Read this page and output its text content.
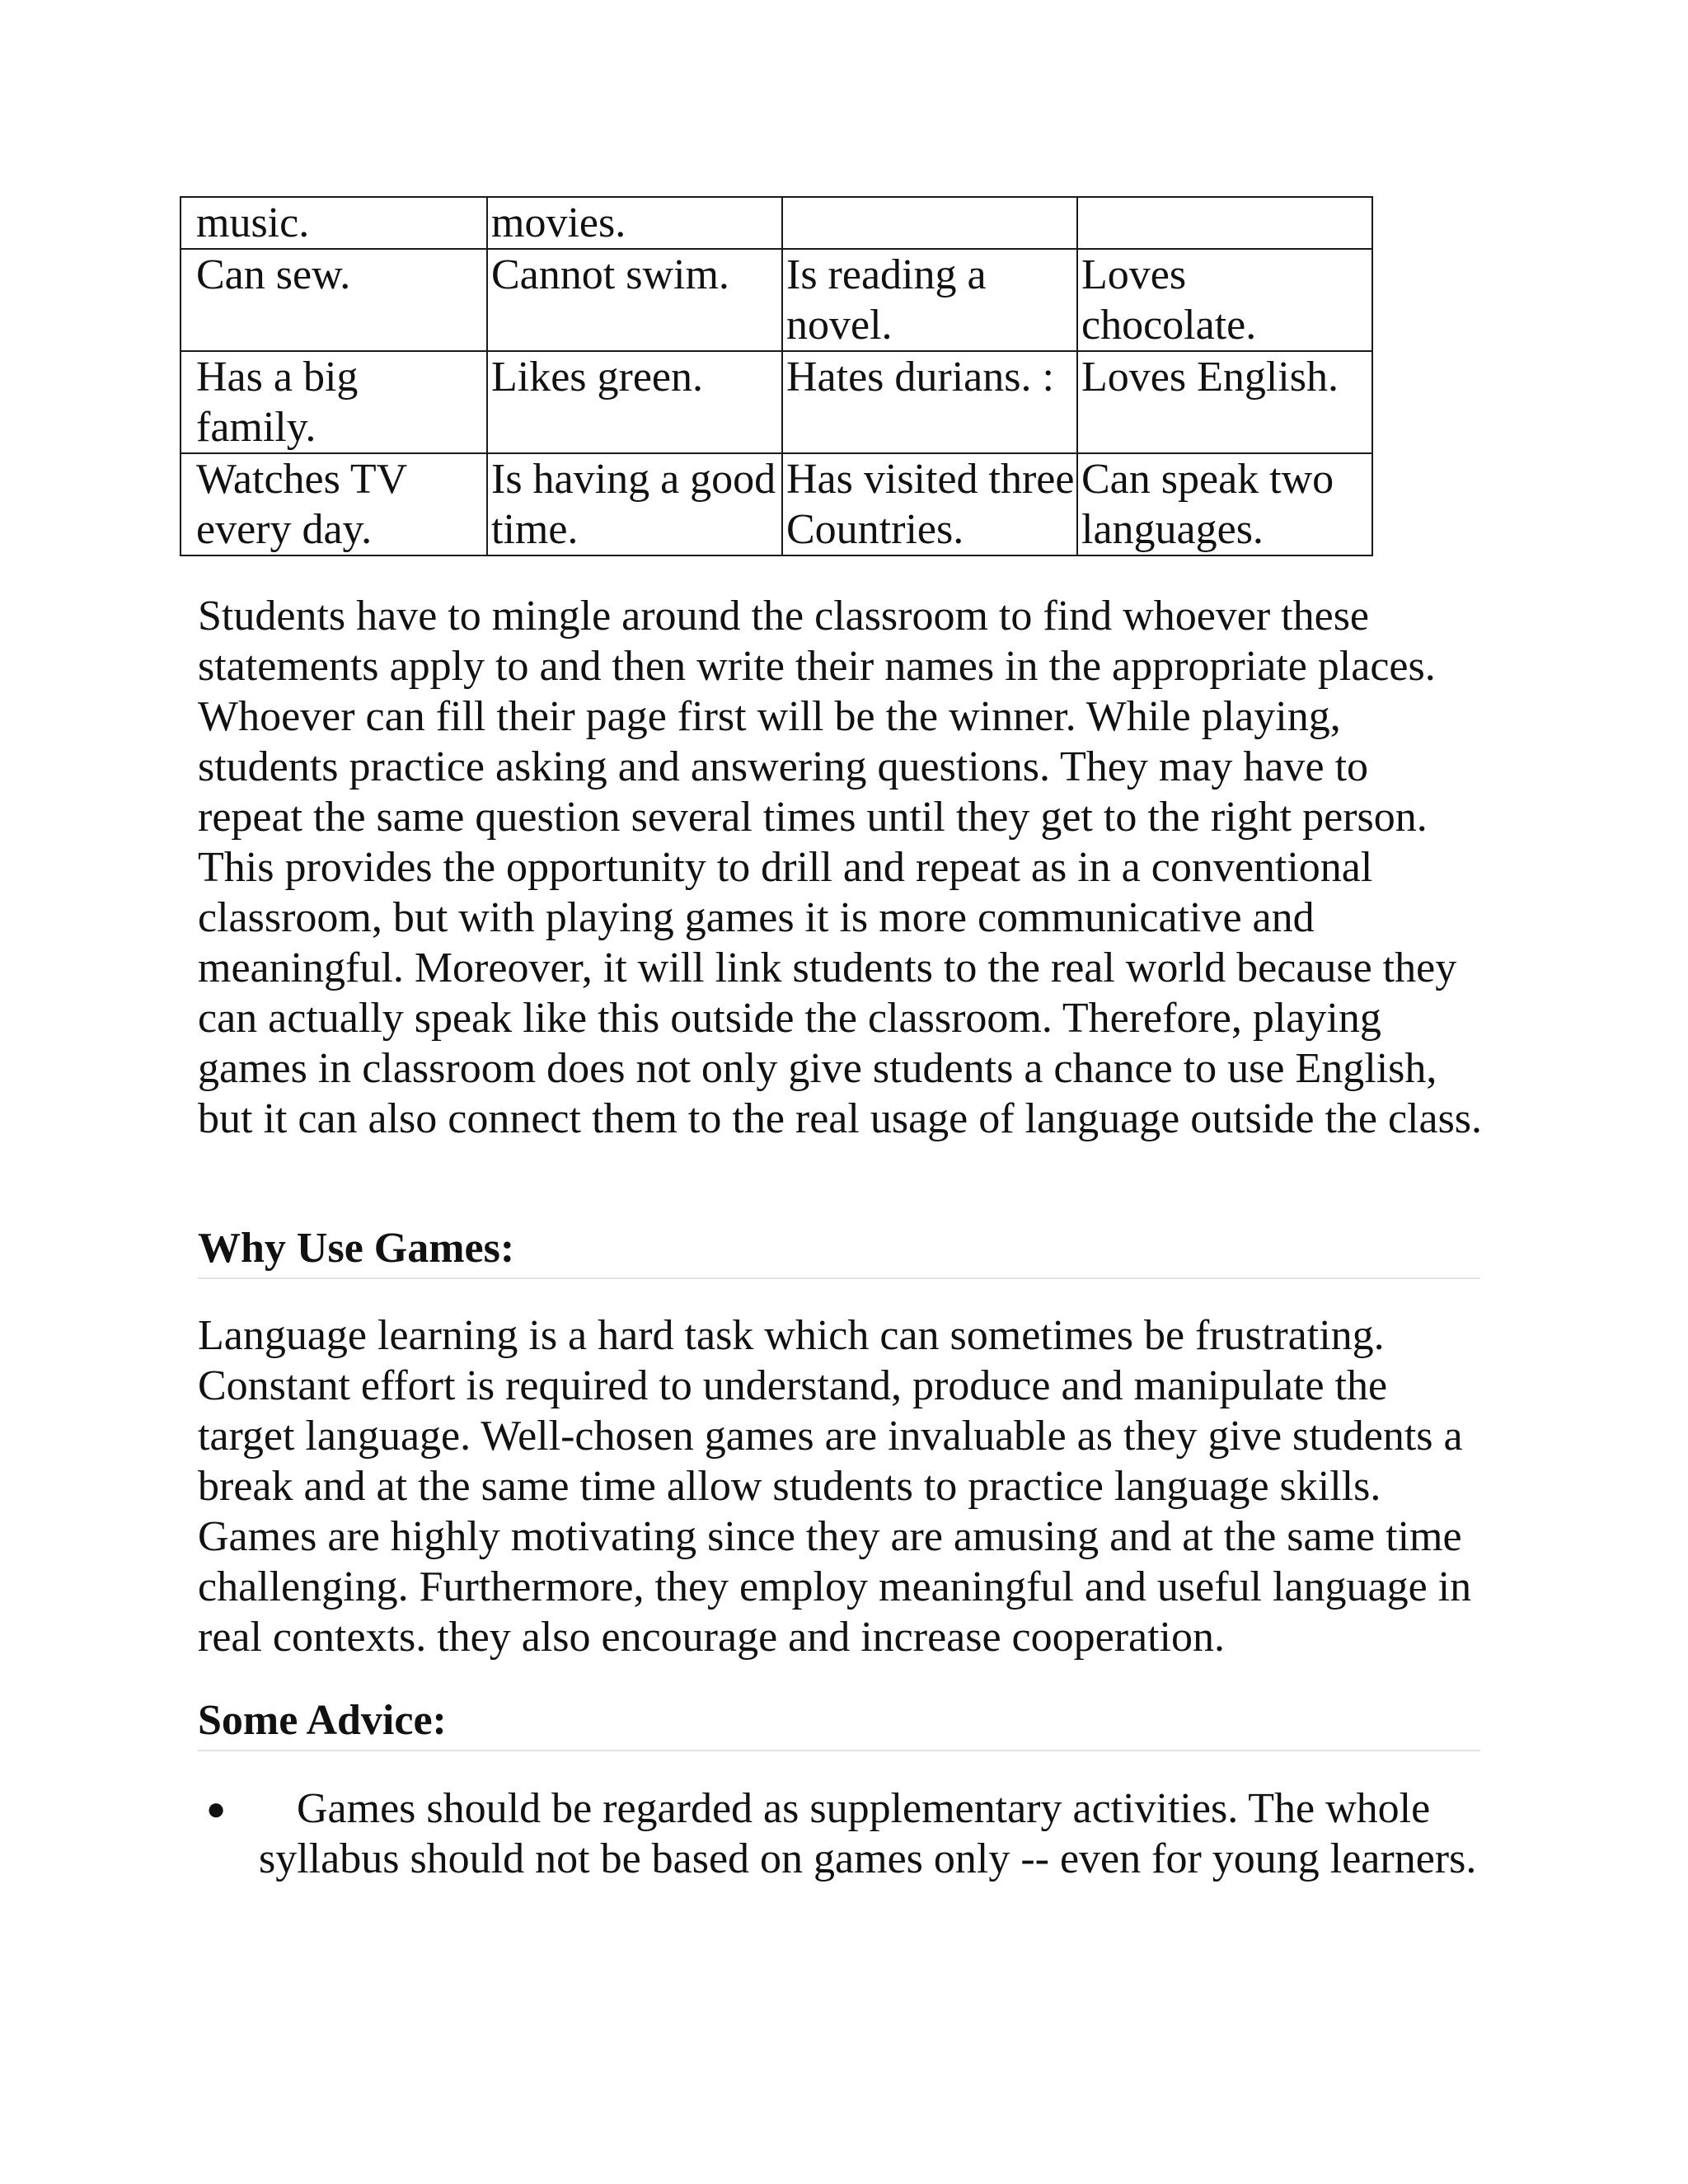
music.	movies.		
Can sew.	Cannot swim.	Is reading a novel.	Loves chocolate.
Has a big family.	Likes green.	Hates durians. :	Loves English.
Watches TV every day.	Is having a good time.	Has visited three Countries.	Can speak two languages.

Students have to mingle around the classroom to find whoever these statements apply to and then write their names in the appropriate places. Whoever can fill their page first will be the winner. While playing, students practice asking and answering questions. They may have to repeat the same question several times until they get to the right person. This provides the opportunity to drill and repeat as in a conventional classroom, but with playing games it is more communicative and meaningful. Moreover, it will link students to the real world because they can actually speak like this outside the classroom. Therefore, playing games in classroom does not only give students a chance to use English, but it can also connect them to the real usage of language outside the class.

Why Use Games:

Language learning is a hard task which can sometimes be frustrating. Constant effort is required to understand, produce and manipulate the target language. Well-chosen games are invaluable as they give students a break and at the same time allow students to practice language skills. Games are highly motivating since they are amusing and at the same time challenging. Furthermore, they employ meaningful and useful language in real contexts. they also encourage and increase cooperation.

Some Advice:
● Games should be regarded as supplementary activities. The whole syllabus should not be based on games only -- even for young learners.
